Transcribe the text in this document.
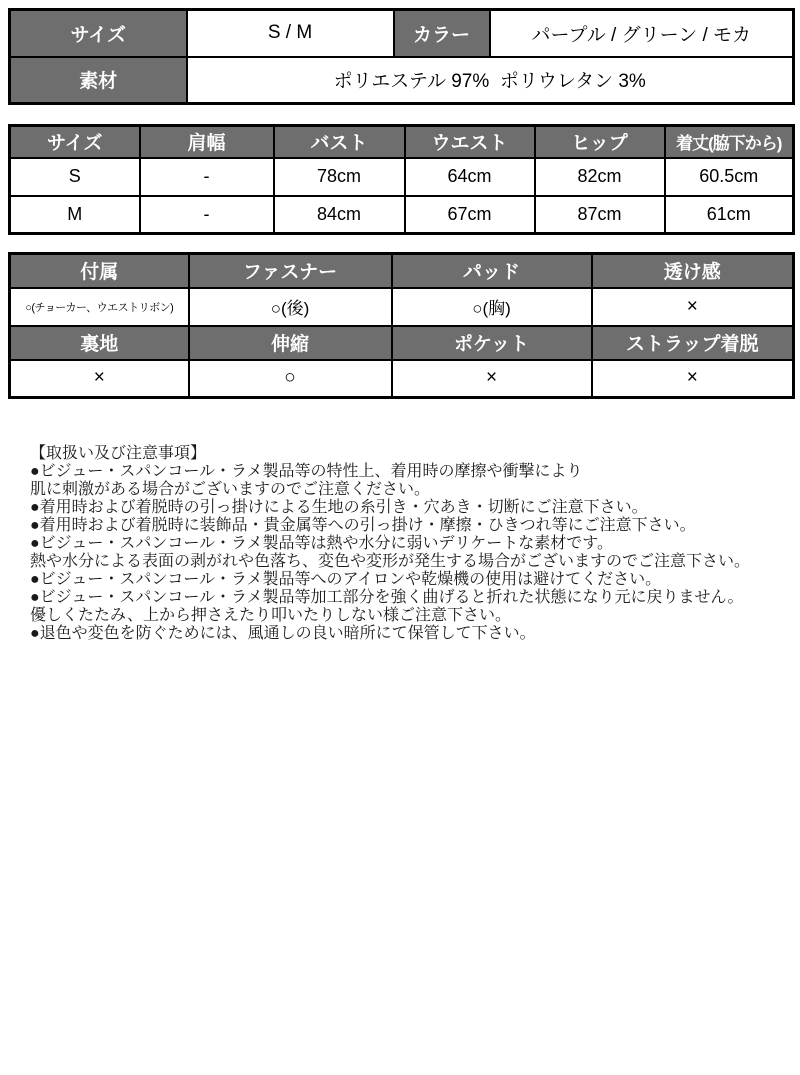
サイズ	S / M	カラー	パープル / グリーン / モカ
素材	ポリエステル 97%  ポリウレタン 3%		
サイズ	肩幅	バスト	ウエスト	ヒップ	着丈(脇下から)
S	-	78cm	64cm	82cm	60.5cm
M	-	84cm	67cm	87cm	61cm
付属	ファスナー	パッド	透け感
○(チョーカー、ウエストリボン)	○(後)	○(胸)	×
裏地	伸縮	ポケット	ストラップ着脱
×	○	×	×
【取扱い及び注意事項】
●ビジュー・スパンコール・ラメ製品等の特性上、着用時の摩擦や衝撃により
肌に刺激がある場合がございますのでご注意ください。
●着用時および着脱時の引っ掛けによる生地の糸引き・穴あき・切断にご注意下さい。
●着用時および着脱時に装飾品・貴金属等への引っ掛け・摩擦・ひきつれ等にご注意下さい。
●ビジュー・スパンコール・ラメ製品等は熱や水分に弱いデリケートな素材です。
熱や水分による表面の剥がれや色落ち、変色や変形が発生する場合がございますのでご注意下さい。
●ビジュー・スパンコール・ラメ製品等へのアイロンや乾燥機の使用は避けてください。
●ビジュー・スパンコール・ラメ製品等加工部分を強く曲げると折れた状態になり元に戻りません。
優しくたたみ、上から押さえたり叩いたりしない様ご注意下さい。
●退色や変色を防ぐためには、風通しの良い暗所にて保管して下さい。
